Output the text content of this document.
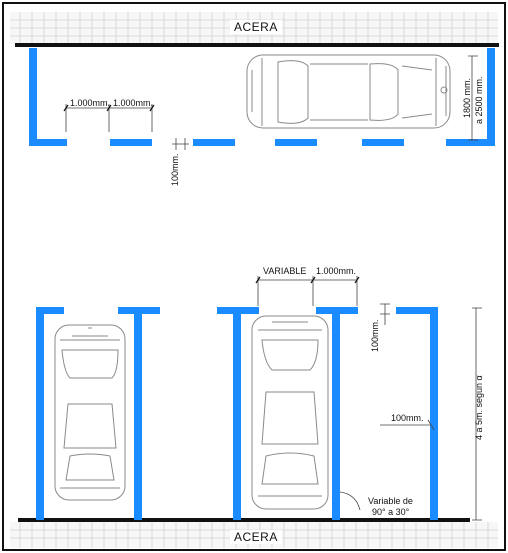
ACERA
ACERA
1.000mm. 1.000mm.
100mm.
1800 mm. a 2500 mm.
VARIABLE 1.000mm.
100mm.
100mm.	4 a 5m. segun α
Variable de
90° a 30°
